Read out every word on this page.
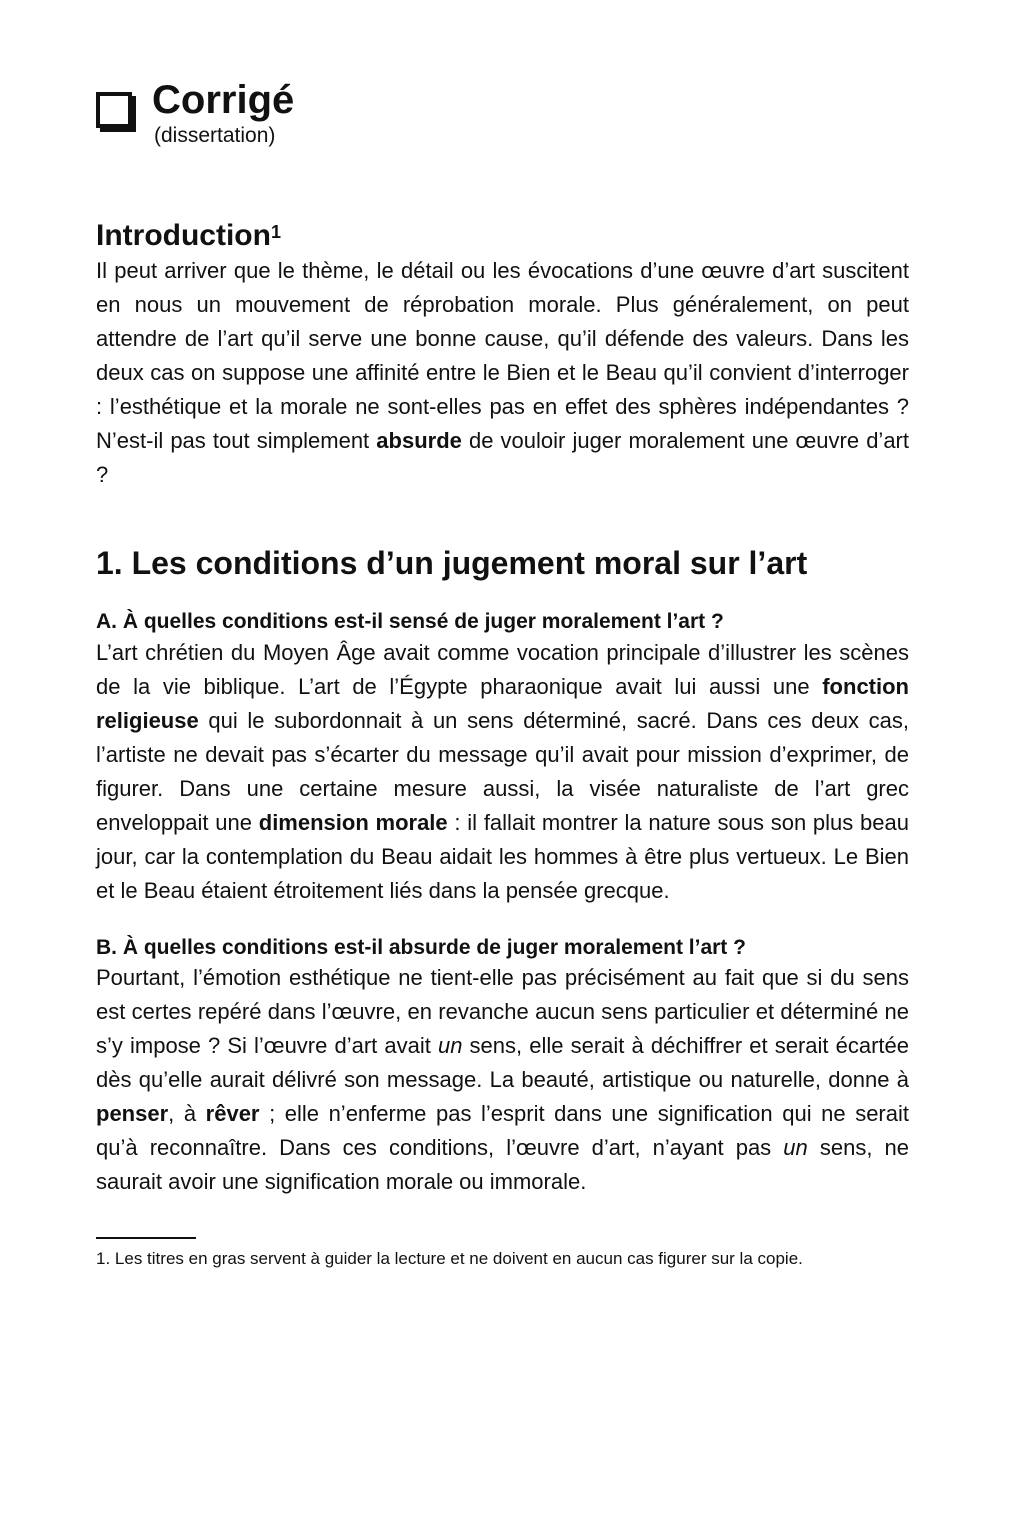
Corrigé
(dissertation)
Introduction$^1$

Il peut arriver que le thème, le détail ou les évocations d’une œuvre d’art suscitent en nous un mouvement de réprobation morale. Plus généralement, on peut attendre de l’art qu’il serve une bonne cause, qu’il défende des valeurs. Dans les deux cas on suppose une affinité entre le Bien et le Beau qu’il convient d’interroger : l’esthétique et la morale ne sont-elles pas en effet des sphères indépendantes ? N’est-il pas tout simplement absurde de vouloir juger moralement une œuvre d’art ?

1. Les conditions d’un jugement moral sur l’art
A. À quelles conditions est-il sensé de juger moralement l’art ?

L’art chrétien du Moyen Âge avait comme vocation principale d’illustrer les scènes de la vie biblique. L’art de l’Égypte pharaonique avait lui aussi une fonction religieuse qui le subordonnait à un sens déterminé, sacré. Dans ces deux cas, l’artiste ne devait pas s’écarter du message qu’il avait pour mission d’exprimer, de figurer. Dans une certaine mesure aussi, la visée naturaliste de l’art grec enveloppait une dimension morale : il fallait montrer la nature sous son plus beau jour, car la contemplation du Beau aidait les hommes à être plus vertueux. Le Bien et le Beau étaient étroitement liés dans la pensée grecque.

B. À quelles conditions est-il absurde de juger moralement l’art ?

Pourtant, l’émotion esthétique ne tient-elle pas précisément au fait que si du sens est certes repéré dans l’œuvre, en revanche aucun sens particulier et déterminé ne s’y impose ? Si l’œuvre d’art avait un sens, elle serait à déchiffrer et serait écartée dès qu’elle aurait délivré son message. La beauté, artistique ou naturelle, donne à penser, à rêver ; elle n’enferme pas l’esprit dans une signification qui ne serait qu’à reconnaître. Dans ces conditions, l’œuvre d’art, n’ayant pas un sens, ne saurait avoir une signification morale ou immorale.

1. Les titres en gras servent à guider la lecture et ne doivent en aucun cas figurer sur la copie.
